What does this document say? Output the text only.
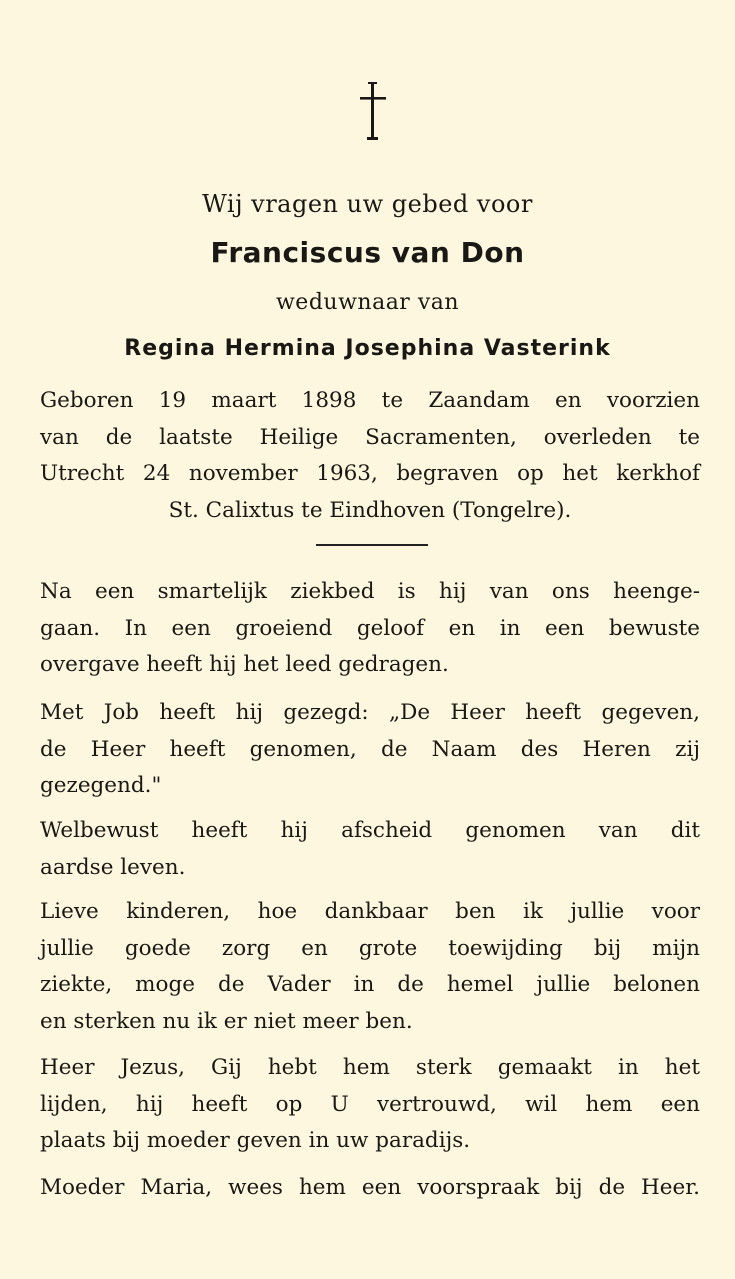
Wij vragen uw gebed voor
Franciscus van Don
weduwnaar van
Regina Hermina Josephina Vasterink
Geboren 19 maart 1898 te Zaandam en voorzien
van de laatste Heilige Sacramenten, overleden te
Utrecht 24 november 1963, begraven op het kerkhof
St. Calixtus te Eindhoven (Tongelre).
Na een smartelijk ziekbed is hij van ons heenge-
gaan. In een groeiend geloof en in een bewuste
overgave heeft hij het leed gedragen.
Met Job heeft hij gezegd: „De Heer heeft gegeven,
de Heer heeft genomen, de Naam des Heren zij
gezegend."
Welbewust heeft hij afscheid genomen van dit
aardse leven.
Lieve kinderen, hoe dankbaar ben ik jullie voor
jullie goede zorg en grote toewijding bij mijn
ziekte, moge de Vader in de hemel jullie belonen
en sterken nu ik er niet meer ben.
Heer Jezus, Gij hebt hem sterk gemaakt in het
lijden, hij heeft op U vertrouwd, wil hem een
plaats bij moeder geven in uw paradijs.
Moeder Maria, wees hem een voorspraak bij de Heer.
